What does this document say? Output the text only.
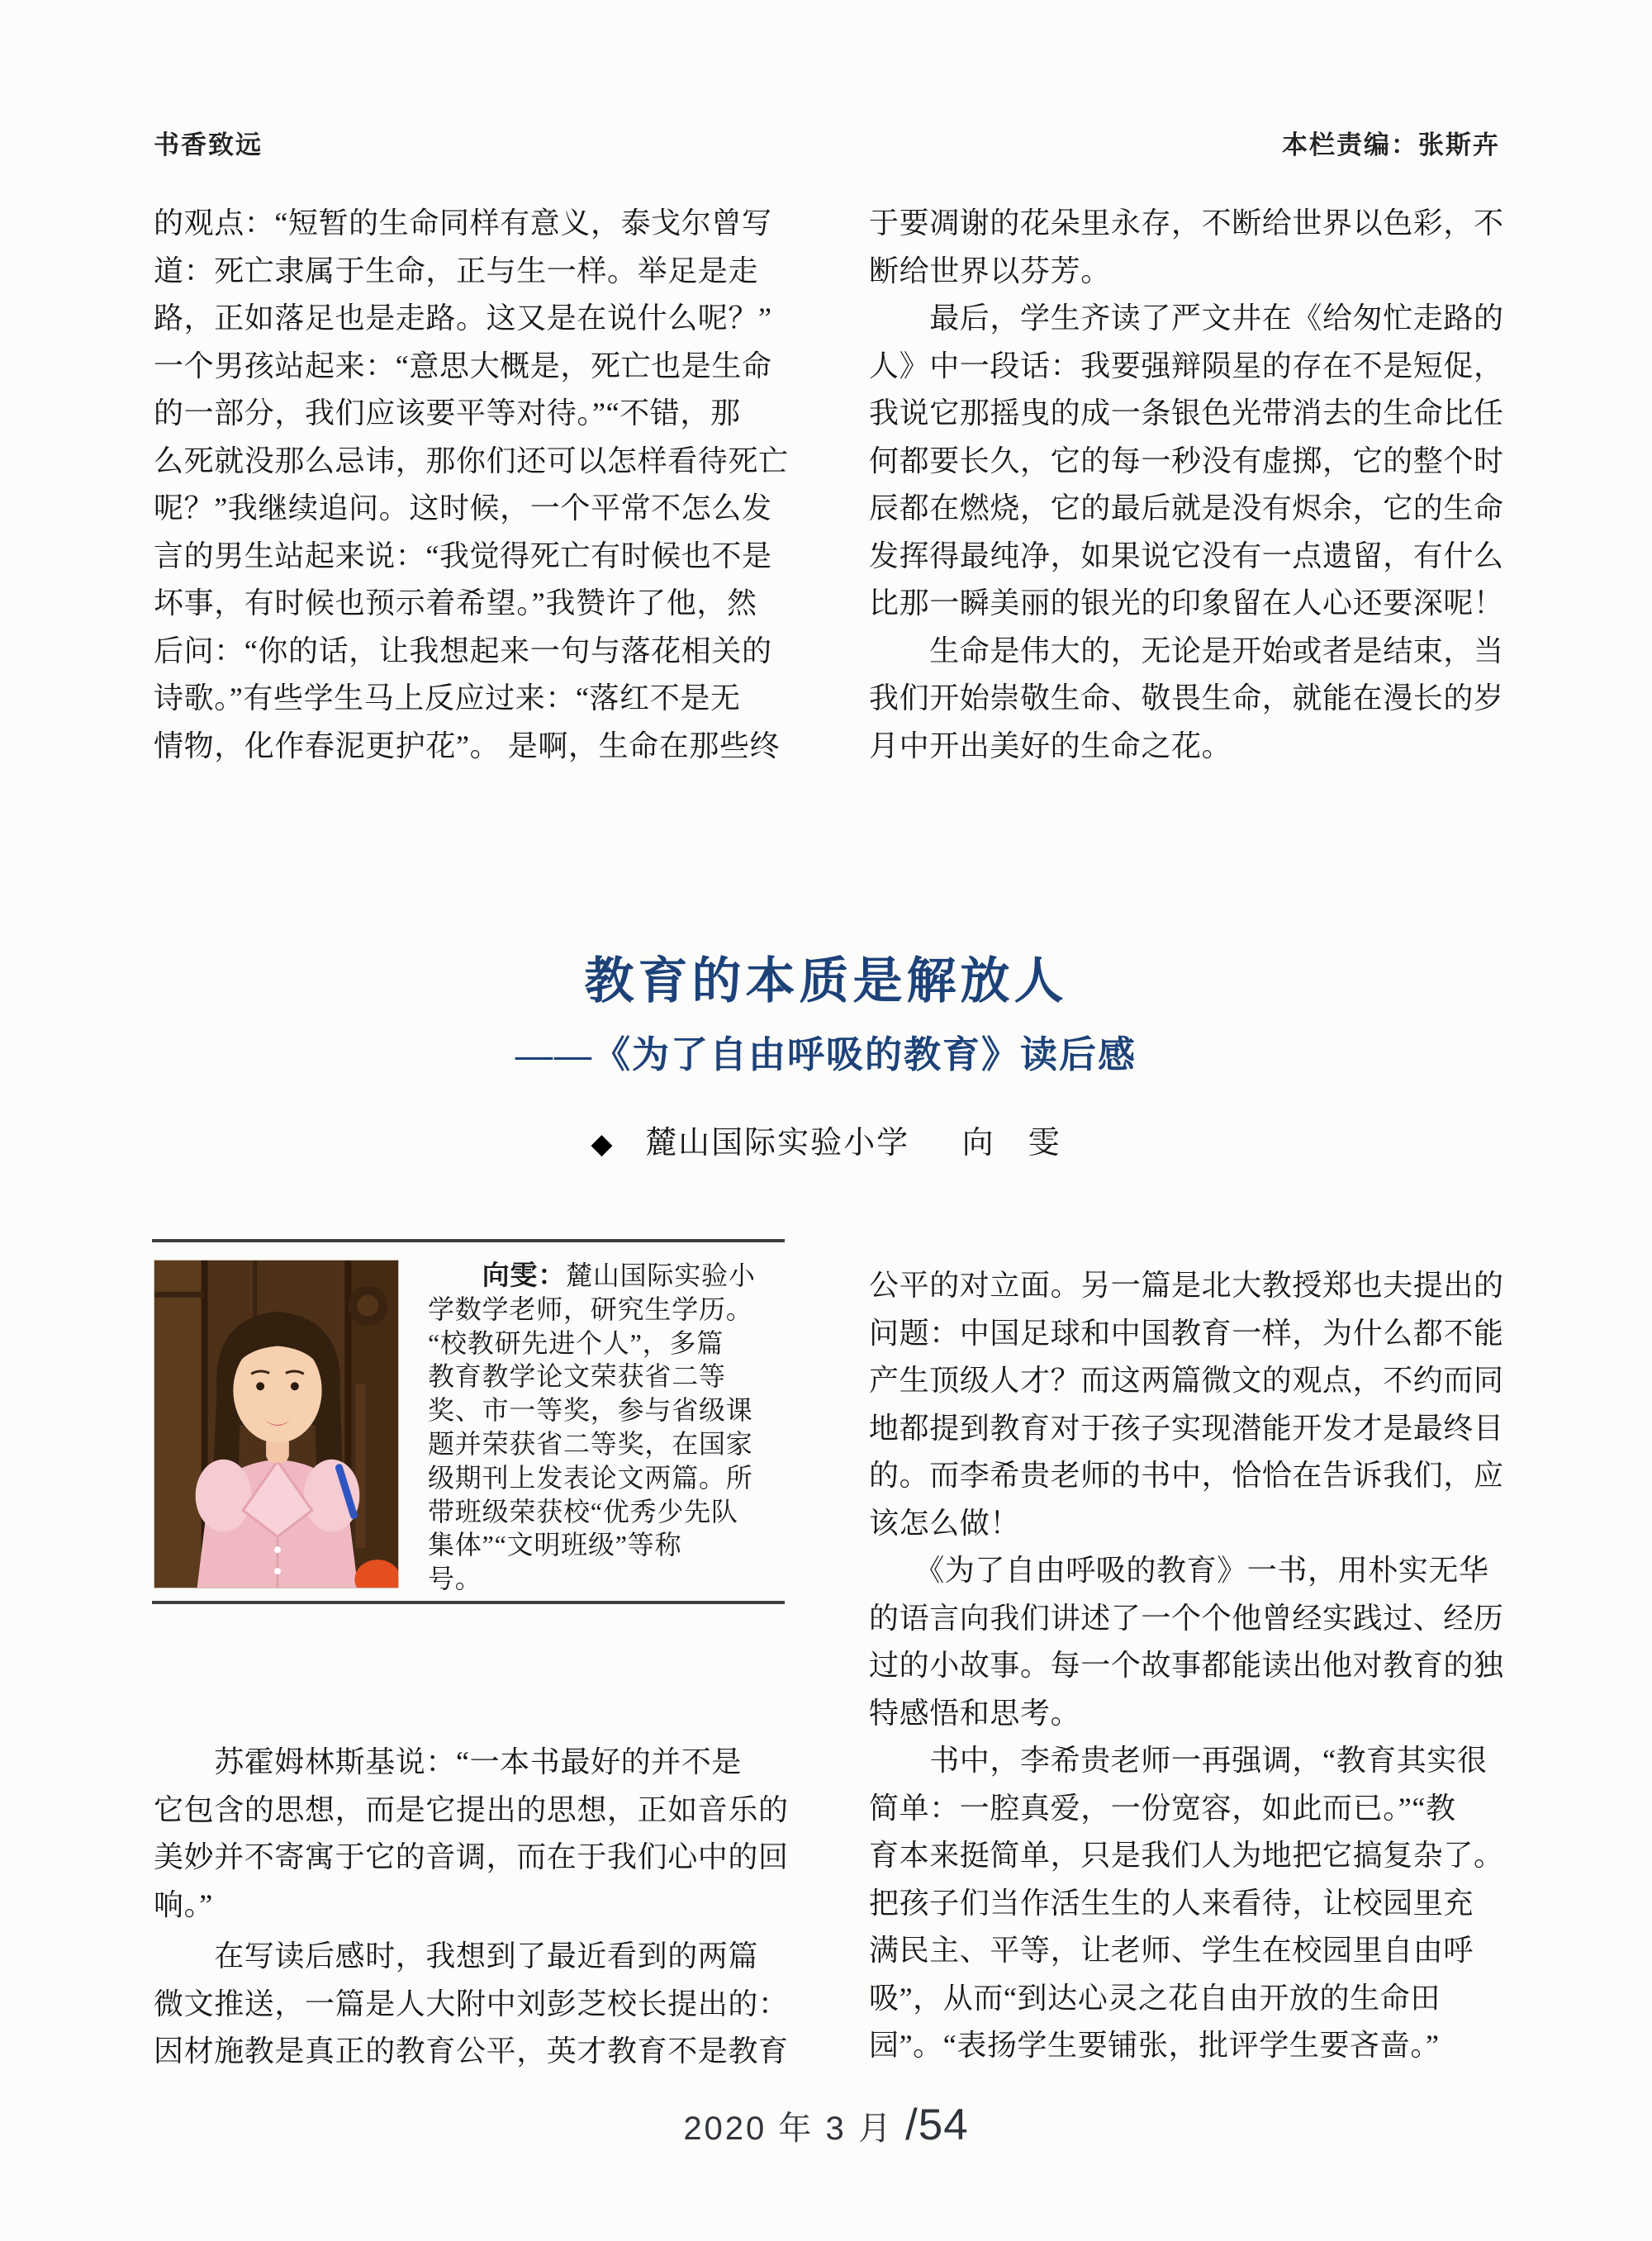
书香致远	本栏责编：张斯卉
的观点：“短暂的生命同样有意义，泰戈尔曾写
道：死亡隶属于生命，正与生一样。举足是走
路，正如落足也是走路。这又是在说什么呢？”
一个男孩站起来：“意思大概是，死亡也是生命
的一部分，我们应该要平等对待。”“不错，那
么死就没那么忌讳，那你们还可以怎样看待死亡
呢？”我继续追问。这时候，一个平常不怎么发
言的男生站起来说：“我觉得死亡有时候也不是
坏事，有时候也预示着希望。”我赞许了他，然
后问：“你的话，让我想起来一句与落花相关的
诗歌。”有些学生马上反应过来：“落红不是无
情物，化作春泥更护花”。 是啊，生命在那些终
于要凋谢的花朵里永存，不断给世界以色彩，不
断给世界以芬芳。
　　最后，学生齐读了严文井在《给匆忙走路的
人》中一段话：我要强辩陨星的存在不是短促，
我说它那摇曳的成一条银色光带消去的生命比任
何都要长久，它的每一秒没有虚掷，它的整个时
辰都在燃烧，它的最后就是没有烬余，它的生命
发挥得最纯净，如果说它没有一点遗留，有什么
比那一瞬美丽的银光的印象留在人心还要深呢！
　　生命是伟大的，无论是开始或者是结束，当
我们开始崇敬生命、敬畏生命，就能在漫长的岁
月中开出美好的生命之花。
教育的本质是解放人
——《为了自由呼吸的教育》读后感
◆ 麓山国际实验小学 向　雯
　　向雯：麓山国际实验小
学数学老师，研究生学历。
“校教研先进个人”，多篇
教育教学论文荣获省二等
奖、市一等奖，参与省级课
题并荣获省二等奖，在国家
级期刊上发表论文两篇。所
带班级荣获校“优秀少先队
集体”“文明班级”等称
号。
　　苏霍姆林斯基说：“一本书最好的并不是
它包含的思想，而是它提出的思想，正如音乐的
美妙并不寄寓于它的音调，而在于我们心中的回
响。”
　　在写读后感时，我想到了最近看到的两篇
微文推送，一篇是人大附中刘彭芝校长提出的：
因材施教是真正的教育公平，英才教育不是教育
公平的对立面。另一篇是北大教授郑也夫提出的
问题：中国足球和中国教育一样，为什么都不能
产生顶级人才？而这两篇微文的观点，不约而同
地都提到教育对于孩子实现潜能开发才是最终目
的。而李希贵老师的书中，恰恰在告诉我们，应
该怎么做！
　　《为了自由呼吸的教育》一书，用朴实无华
的语言向我们讲述了一个个他曾经实践过、经历
过的小故事。每一个故事都能读出他对教育的独
特感悟和思考。
　　书中，李希贵老师一再强调，“教育其实很
简单：一腔真爱，一份宽容，如此而已。”“教
育本来挺简单，只是我们人为地把它搞复杂了。
把孩子们当作活生生的人来看待，让校园里充
满民主、平等，让老师、学生在校园里自由呼
吸”，从而“到达心灵之花自由开放的生命田
园”。“表扬学生要铺张，批评学生要吝啬。”
2020 年 3 月 /54
